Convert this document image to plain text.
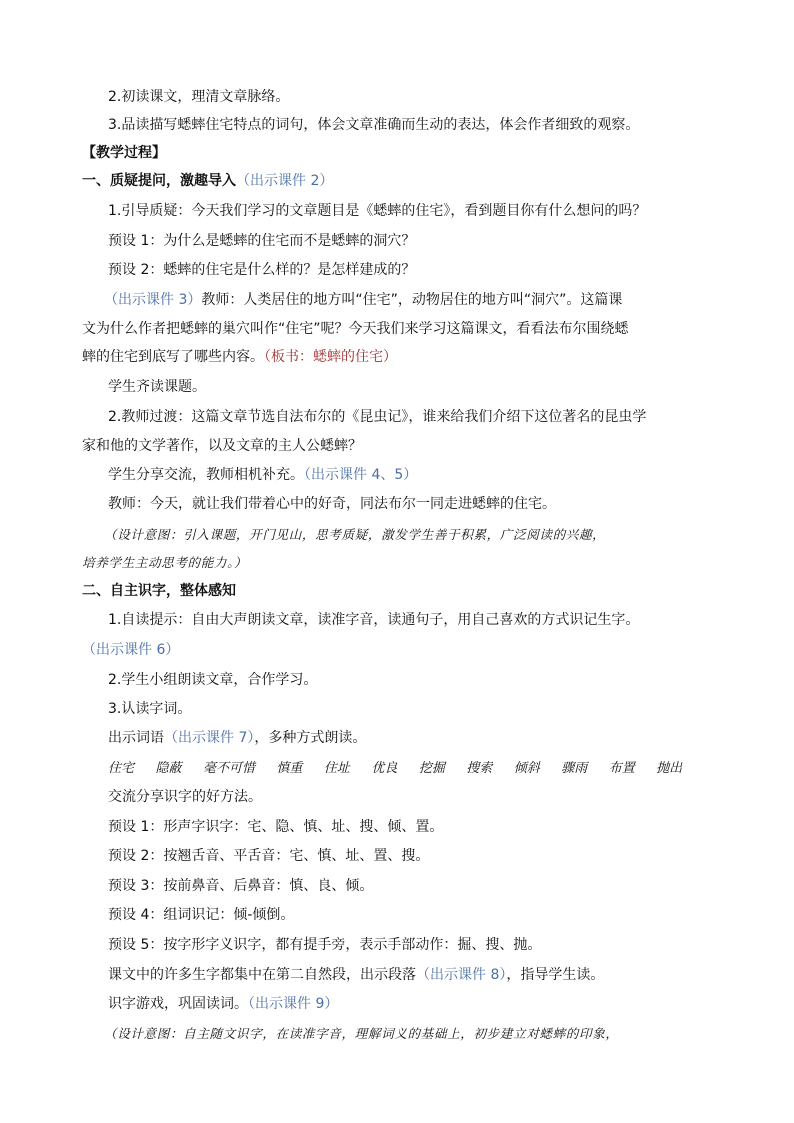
2.初读课文，理清文章脉络。
3.品读描写蟋蟀住宅特点的词句，体会文章准确而生动的表达，体会作者细致的观察。
【教学过程】
一、质疑提问，激趣导入（出示课件 2）
1.引导质疑：今天我们学习的文章题目是《蟋蟀的住宅》，看到题目你有什么想问的吗？
预设 1：为什么是蟋蟀的住宅而不是蟋蟀的洞穴？
预设 2：蟋蟀的住宅是什么样的？是怎样建成的？
（出示课件 3）教师：人类居住的地方叫“住宅”，动物居住的地方叫“洞穴”。这篇课
文为什么作者把蟋蟀的巢穴叫作“住宅”呢？今天我们来学习这篇课文，看看法布尔围绕蟋
蟀的住宅到底写了哪些内容。（板书：蟋蟀的住宅）
学生齐读课题。
2.教师过渡：这篇文章节选自法布尔的《昆虫记》，谁来给我们介绍下这位著名的昆虫学
家和他的文学著作，以及文章的主人公蟋蟀？
学生分享交流，教师相机补充。（出示课件 4、5）
教师：今天，就让我们带着心中的好奇，同法布尔一同走进蟋蟀的住宅。
（设计意图：引入课题，开门见山，思考质疑，激发学生善于积累，广泛阅读的兴趣，
培养学生主动思考的能力。）
二、自主识字，整体感知
1.自读提示：自由大声朗读文章，读准字音，读通句子，用自己喜欢的方式识记生字。
（出示课件 6）
2.学生小组朗读文章，合作学习。
3.认读字词。
出示词语（出示课件 7），多种方式朗读。
住宅 隐蔽 毫不可惜 慎重 住址 优良 挖掘 搜索 倾斜 骤雨 布置 抛出
交流分享识字的好方法。
预设 1：形声字识字：宅、隐、慎、址、搜、倾、置。
预设 2：按翘舌音、平舌音：宅、慎、址、置、搜。
预设 3：按前鼻音、后鼻音：慎、良、倾。
预设 4：组词识记：倾-倾倒。
预设 5：按字形字义识字，都有提手旁，表示手部动作：掘、搜、抛。
课文中的许多生字都集中在第二自然段，出示段落（出示课件 8），指导学生读。
识字游戏，巩固读词。（出示课件 9）
（设计意图：自主随文识字，在读准字音，理解词义的基础上，初步建立对蟋蟀的印象，
